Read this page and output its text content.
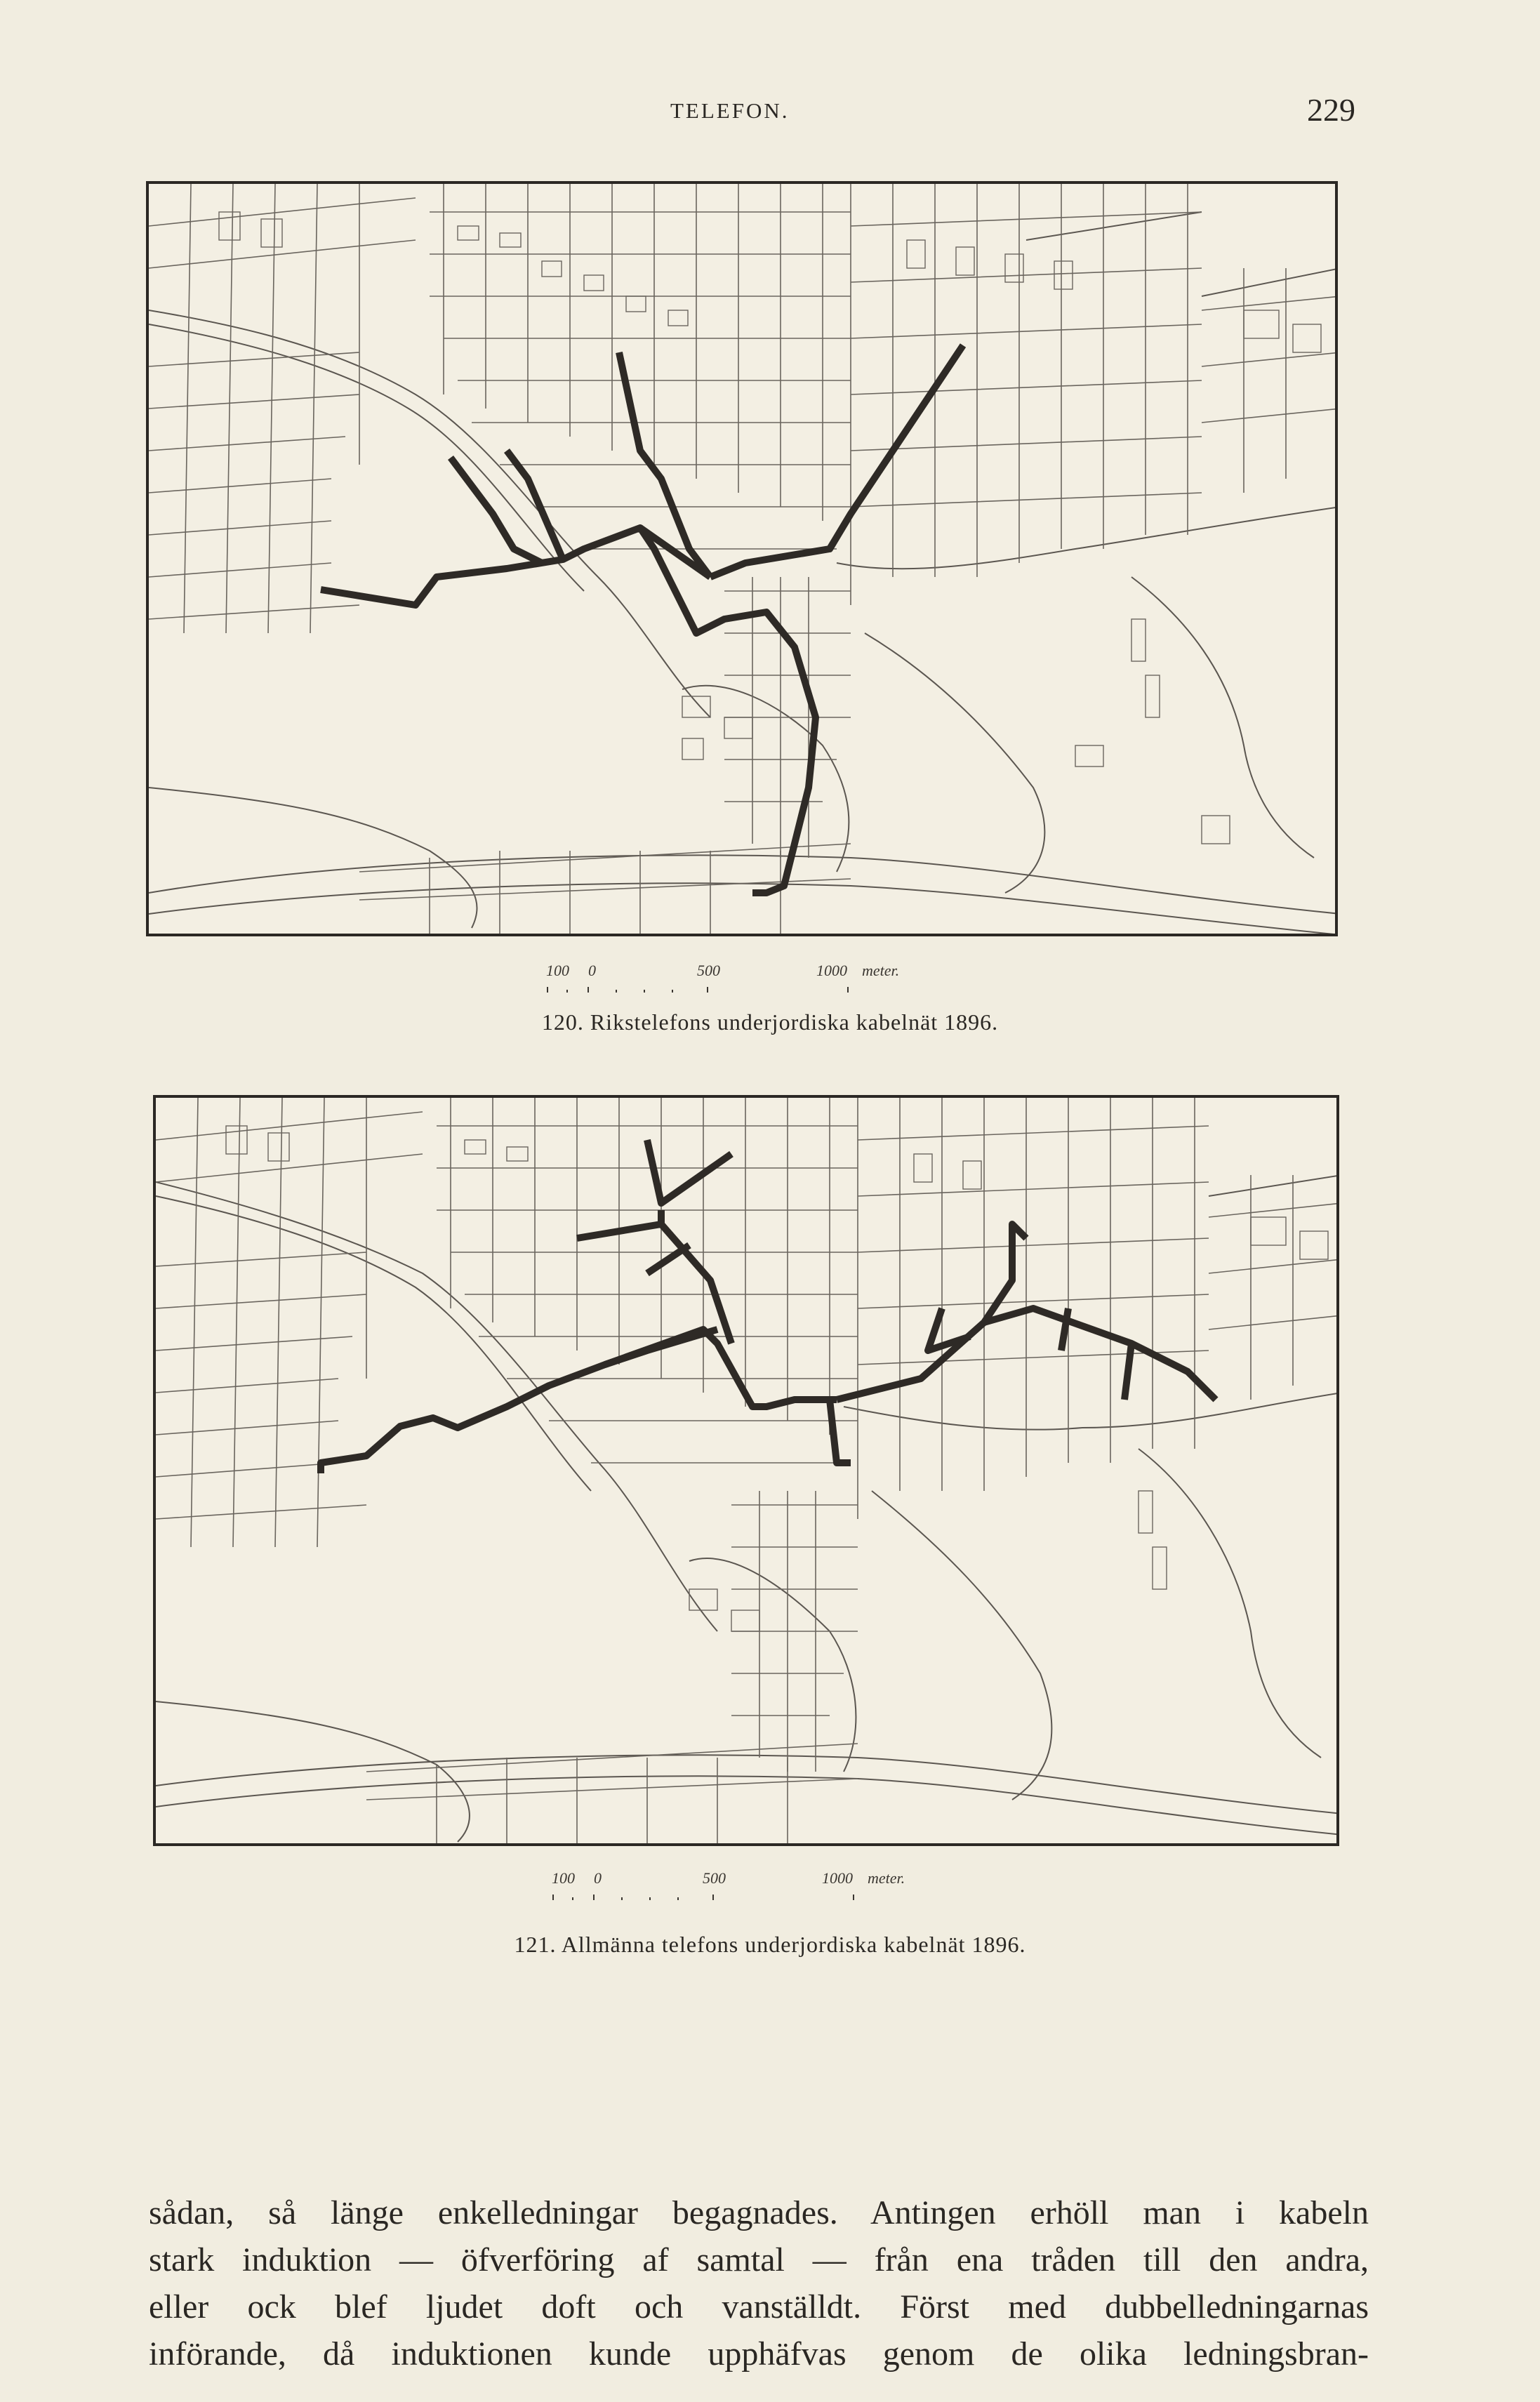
TELEFON.	229
100 0	500	1000 meter.
120. Rikstelefons underjordiska kabelnät 1896.
100 0	500	1000 meter.
121. Allmänna telefons underjordiska kabelnät 1896.
sådan, så länge enkelledningar begagnades. Antingen erhöll man i kabeln
stark induktion — öfverföring af samtal — från ena tråden till den andra,
eller ock blef ljudet doft och vanställdt. Först med dubbelledningarnas
införande, då induktionen kunde upphäfvas genom de olika ledningsbran-
